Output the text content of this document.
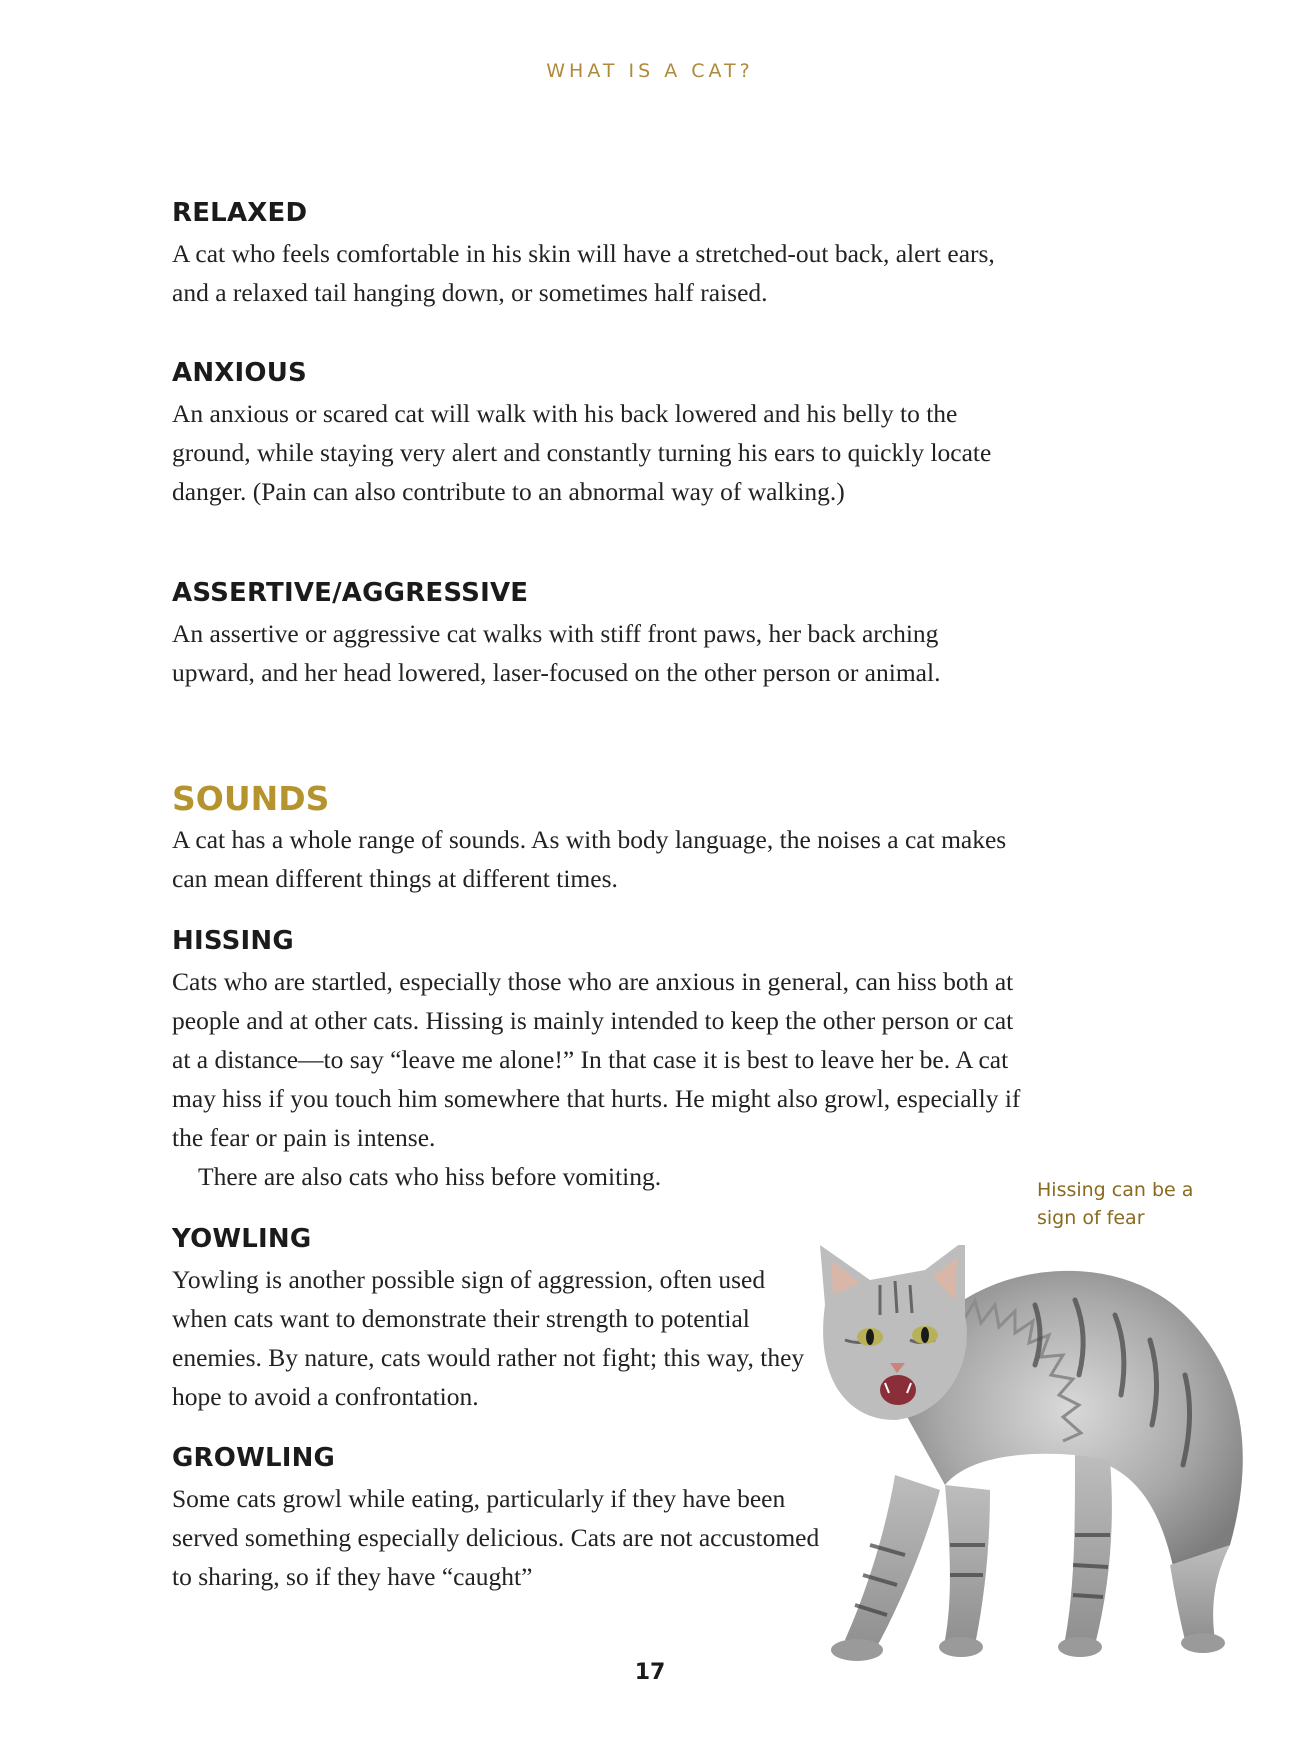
WHAT IS A CAT?
RELAXED

A cat who feels comfortable in his skin will have a stretched-out back, alert ears, and a relaxed tail hanging down, or sometimes half raised.

ANXIOUS

An anxious or scared cat will walk with his back lowered and his belly to the ground, while staying very alert and constantly turning his ears to quickly locate danger. (Pain can also contribute to an abnormal way of walking.)

ASSERTIVE/AGGRESSIVE

An assertive or aggressive cat walks with stiff front paws, her back arching upward, and her head lowered, laser-focused on the other person or animal.

SOUNDS

A cat has a whole range of sounds. As with body language, the noises a cat makes can mean different things at different times.

HISSING

Cats who are startled, especially those who are anxious in general, can hiss both at people and at other cats. Hissing is mainly intended to keep the other person or cat at a distance—to say “leave me alone!” In that case it is best to leave her be. A cat may hiss if you touch him somewhere that hurts. He might also growl, especially if the fear or pain is intense.

There are also cats who hiss before vomiting.

YOWLING

Yowling is another possible sign of aggression, often used when cats want to demonstrate their strength to potential enemies. By nature, cats would rather not fight; this way, they hope to avoid a confrontation.

GROWLING

Some cats growl while eating, particularly if they have been served something especially delicious. Cats are not accustomed to sharing, so if they have “caught”

Hissing can be a sign of fear
17
